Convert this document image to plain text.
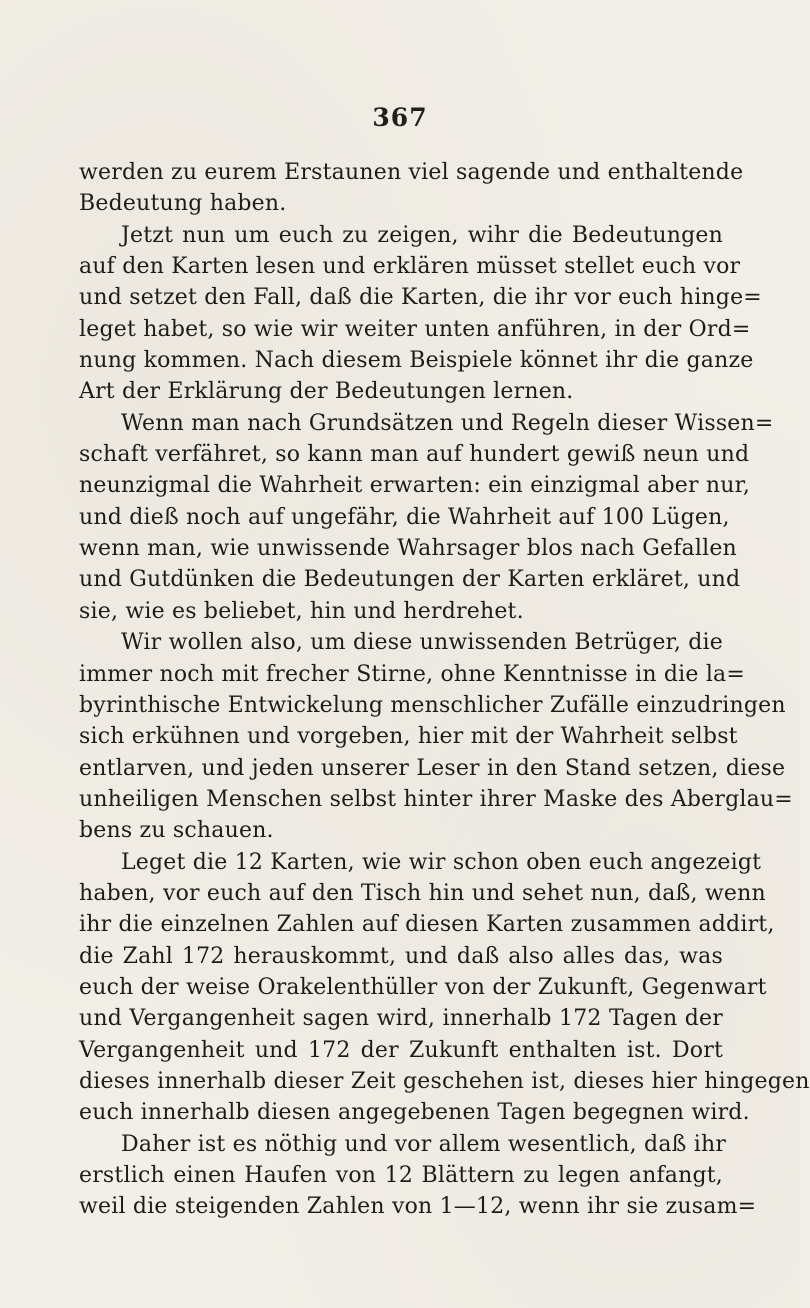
367
werden zu eurem Erstaunen viel sagende und enthaltende
Bedeutung haben.
Jetzt nun um euch zu zeigen, wihr die Bedeutungen
auf den Karten lesen und erklären müsset stellet euch vor
und setzet den Fall, daß die Karten, die ihr vor euch hinge=
leget habet, so wie wir weiter unten anführen, in der Ord=
nung kommen. Nach diesem Beispiele könnet ihr die ganze
Art der Erklärung der Bedeutungen lernen.
Wenn man nach Grundsätzen und Regeln dieser Wissen=
schaft verfähret, so kann man auf hundert gewiß neun und
neunzigmal die Wahrheit erwarten: ein einzigmal aber nur,
und dieß noch auf ungefähr, die Wahrheit auf 100 Lügen,
wenn man, wie unwissende Wahrsager blos nach Gefallen
und Gutdünken die Bedeutungen der Karten erkläret, und
sie, wie es beliebet, hin und herdrehet.
Wir wollen also, um diese unwissenden Betrüger, die
immer noch mit frecher Stirne, ohne Kenntnisse in die la=
byrinthische Entwickelung menschlicher Zufälle einzudringen
sich erkühnen und vorgeben, hier mit der Wahrheit selbst
entlarven, und jeden unserer Leser in den Stand setzen, diese
unheiligen Menschen selbst hinter ihrer Maske des Aberglau=
bens zu schauen.
Leget die 12 Karten, wie wir schon oben euch angezeigt
haben, vor euch auf den Tisch hin und sehet nun, daß, wenn
ihr die einzelnen Zahlen auf diesen Karten zusammen addirt,
die Zahl 172 herauskommt, und daß also alles das, was
euch der weise Orakelenthüller von der Zukunft, Gegenwart
und Vergangenheit sagen wird, innerhalb 172 Tagen der
Vergangenheit und 172 der Zukunft enthalten ist. Dort
dieses innerhalb dieser Zeit geschehen ist, dieses hier hingegen
euch innerhalb diesen angegebenen Tagen begegnen wird.
Daher ist es nöthig und vor allem wesentlich, daß ihr
erstlich einen Haufen von 12 Blättern zu legen anfangt,
weil die steigenden Zahlen von 1—12, wenn ihr sie zusam=
